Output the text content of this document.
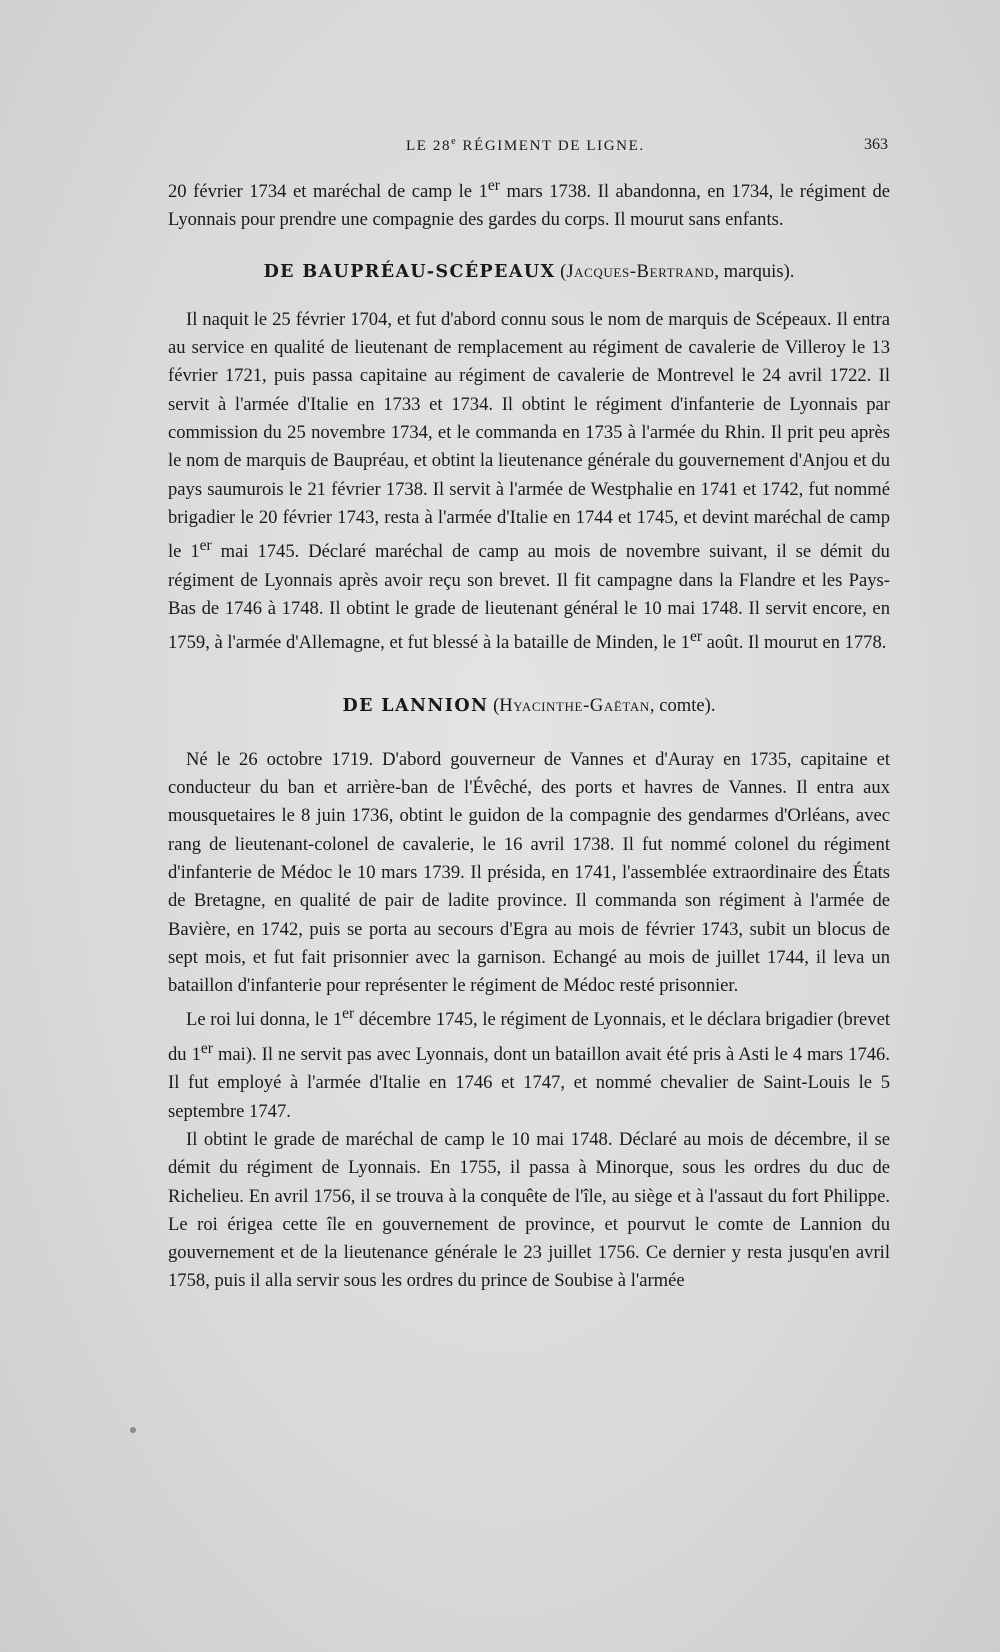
LE 28e RÉGIMENT DE LIGNE.	363

20 février 1734 et maréchal de camp le 1er mars 1738. Il abandonna, en 1734, le régiment de Lyonnais pour prendre une compagnie des gardes du corps. Il mourut sans enfants.

DE BAUPRÉAU-SCÉPEAUX (Jacques-Bertrand, marquis).

Il naquit le 25 février 1704, et fut d'abord connu sous le nom de marquis de Scépeaux. Il entra au service en qualité de lieutenant de remplacement au régiment de cavalerie de Villeroy le 13 février 1721, puis passa capitaine au régiment de cavalerie de Montrevel le 24 avril 1722. Il servit à l'armée d'Italie en 1733 et 1734. Il obtint le régiment d'infanterie de Lyonnais par commission du 25 novembre 1734, et le commanda en 1735 à l'armée du Rhin. Il prit peu après le nom de marquis de Baupréau, et obtint la lieutenance générale du gouvernement d'Anjou et du pays saumurois le 21 février 1738. Il servit à l'armée de Westphalie en 1741 et 1742, fut nommé brigadier le 20 février 1743, resta à l'armée d'Italie en 1744 et 1745, et devint maréchal de camp le 1er mai 1745. Déclaré maréchal de camp au mois de novembre suivant, il se démit du régiment de Lyonnais après avoir reçu son brevet. Il fit campagne dans la Flandre et les Pays-Bas de 1746 à 1748. Il obtint le grade de lieutenant général le 10 mai 1748. Il servit encore, en 1759, à l'armée d'Allemagne, et fut blessé à la bataille de Minden, le 1er août. Il mourut en 1778.

DE LANNION (Hyacinthe-Gaëtan, comte).

Né le 26 octobre 1719. D'abord gouverneur de Vannes et d'Auray en 1735, capitaine et conducteur du ban et arrière-ban de l'Évêché, des ports et havres de Vannes. Il entra aux mousquetaires le 8 juin 1736, obtint le guidon de la compagnie des gendarmes d'Orléans, avec rang de lieutenant-colonel de cavalerie, le 16 avril 1738. Il fut nommé colonel du régiment d'infanterie de Médoc le 10 mars 1739. Il présida, en 1741, l'assemblée extraordinaire des États de Bretagne, en qualité de pair de ladite province. Il commanda son régiment à l'armée de Bavière, en 1742, puis se porta au secours d'Egra au mois de février 1743, subit un blocus de sept mois, et fut fait prisonnier avec la garnison. Echangé au mois de juillet 1744, il leva un bataillon d'infanterie pour représenter le régiment de Médoc resté prisonnier.

Le roi lui donna, le 1er décembre 1745, le régiment de Lyonnais, et le déclara brigadier (brevet du 1er mai). Il ne servit pas avec Lyonnais, dont un bataillon avait été pris à Asti le 4 mars 1746. Il fut employé à l'armée d'Italie en 1746 et 1747, et nommé chevalier de Saint-Louis le 5 septembre 1747.

Il obtint le grade de maréchal de camp le 10 mai 1748. Déclaré au mois de décembre, il se démit du régiment de Lyonnais. En 1755, il passa à Minorque, sous les ordres du duc de Richelieu. En avril 1756, il se trouva à la conquête de l'île, au siège et à l'assaut du fort Philippe. Le roi érigea cette île en gouvernement de province, et pourvut le comte de Lannion du gouvernement et de la lieutenance générale le 23 juillet 1756. Ce dernier y resta jusqu'en avril 1758, puis il alla servir sous les ordres du prince de Soubise à l'armée
